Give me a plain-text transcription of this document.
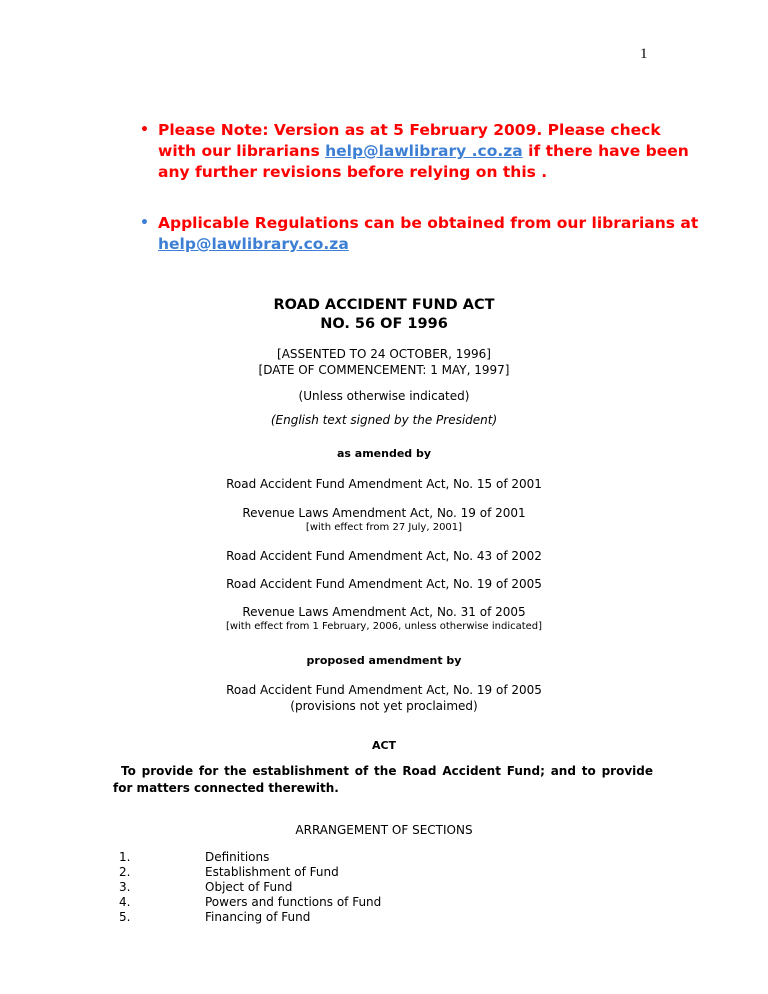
1
• Please Note: Version as at 5 February 2009. Please check with our librarians help@lawlibrary .co.za if there have been any further revisions before relying on this .
• Applicable Regulations can be obtained from our librarians at help@lawlibrary.co.za
ROAD ACCIDENT FUND ACT
NO. 56 OF 1996
[ASSENTED TO 24 OCTOBER, 1996]
[DATE OF COMMENCEMENT: 1 MAY, 1997]
(Unless otherwise indicated)
(English text signed by the President)
as amended by
Road Accident Fund Amendment Act, No. 15 of 2001
Revenue Laws Amendment Act, No. 19 of 2001
[with effect from 27 July, 2001]
Road Accident Fund Amendment Act, No. 43 of 2002
Road Accident Fund Amendment Act, No. 19 of 2005
Revenue Laws Amendment Act, No. 31 of 2005
[with effect from 1 February, 2006, unless otherwise indicated]
proposed amendment by
Road Accident Fund Amendment Act, No. 19 of 2005
(provisions not yet proclaimed)
ACT
To provide for the establishment of the Road Accident Fund; and to provide for matters connected therewith.
ARRANGEMENT OF SECTIONS
1.	Definitions
2.	Establishment of Fund
3.	Object of Fund
4.	Powers and functions of Fund
5.	Financing of Fund
